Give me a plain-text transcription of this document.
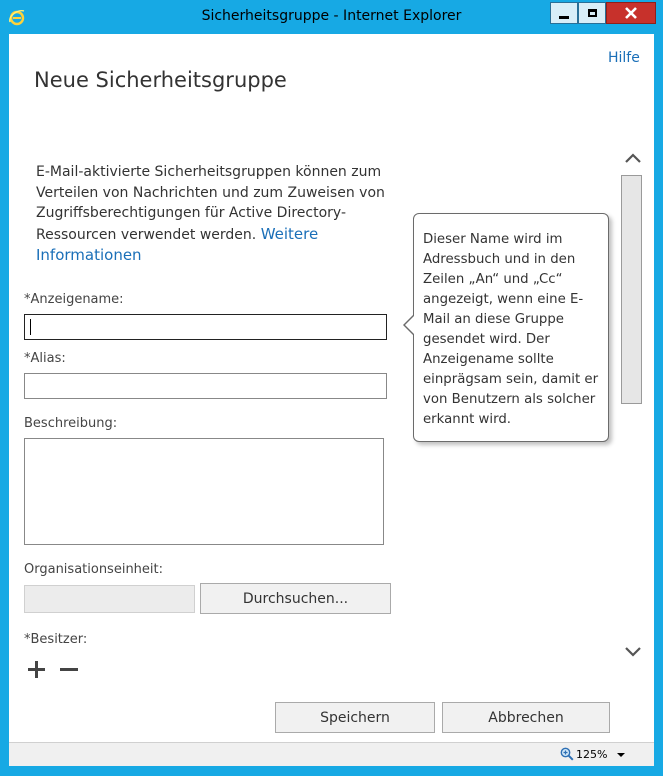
Sicherheitsgruppe - Internet Explorer
Hilfe
Neue Sicherheitsgruppe
E-Mail-aktivierte Sicherheitsgruppen können zum Verteilen von Nachrichten und zum Zuweisen von Zugriffsberechtigungen für Active Directory-Ressourcen verwendet werden. Weitere Informationen
*Anzeigename:
*Alias:
Beschreibung:
Organisationseinheit:
Durchsuchen...
*Besitzer:
Speichern	Abbrechen
Dieser Name wird im Adressbuch und in den Zeilen „An“ und „Cc“ angezeigt, wenn eine E-Mail an diese Gruppe gesendet wird. Der Anzeigename sollte einprägsam sein, damit er von Benutzern als solcher erkannt wird.
125%
